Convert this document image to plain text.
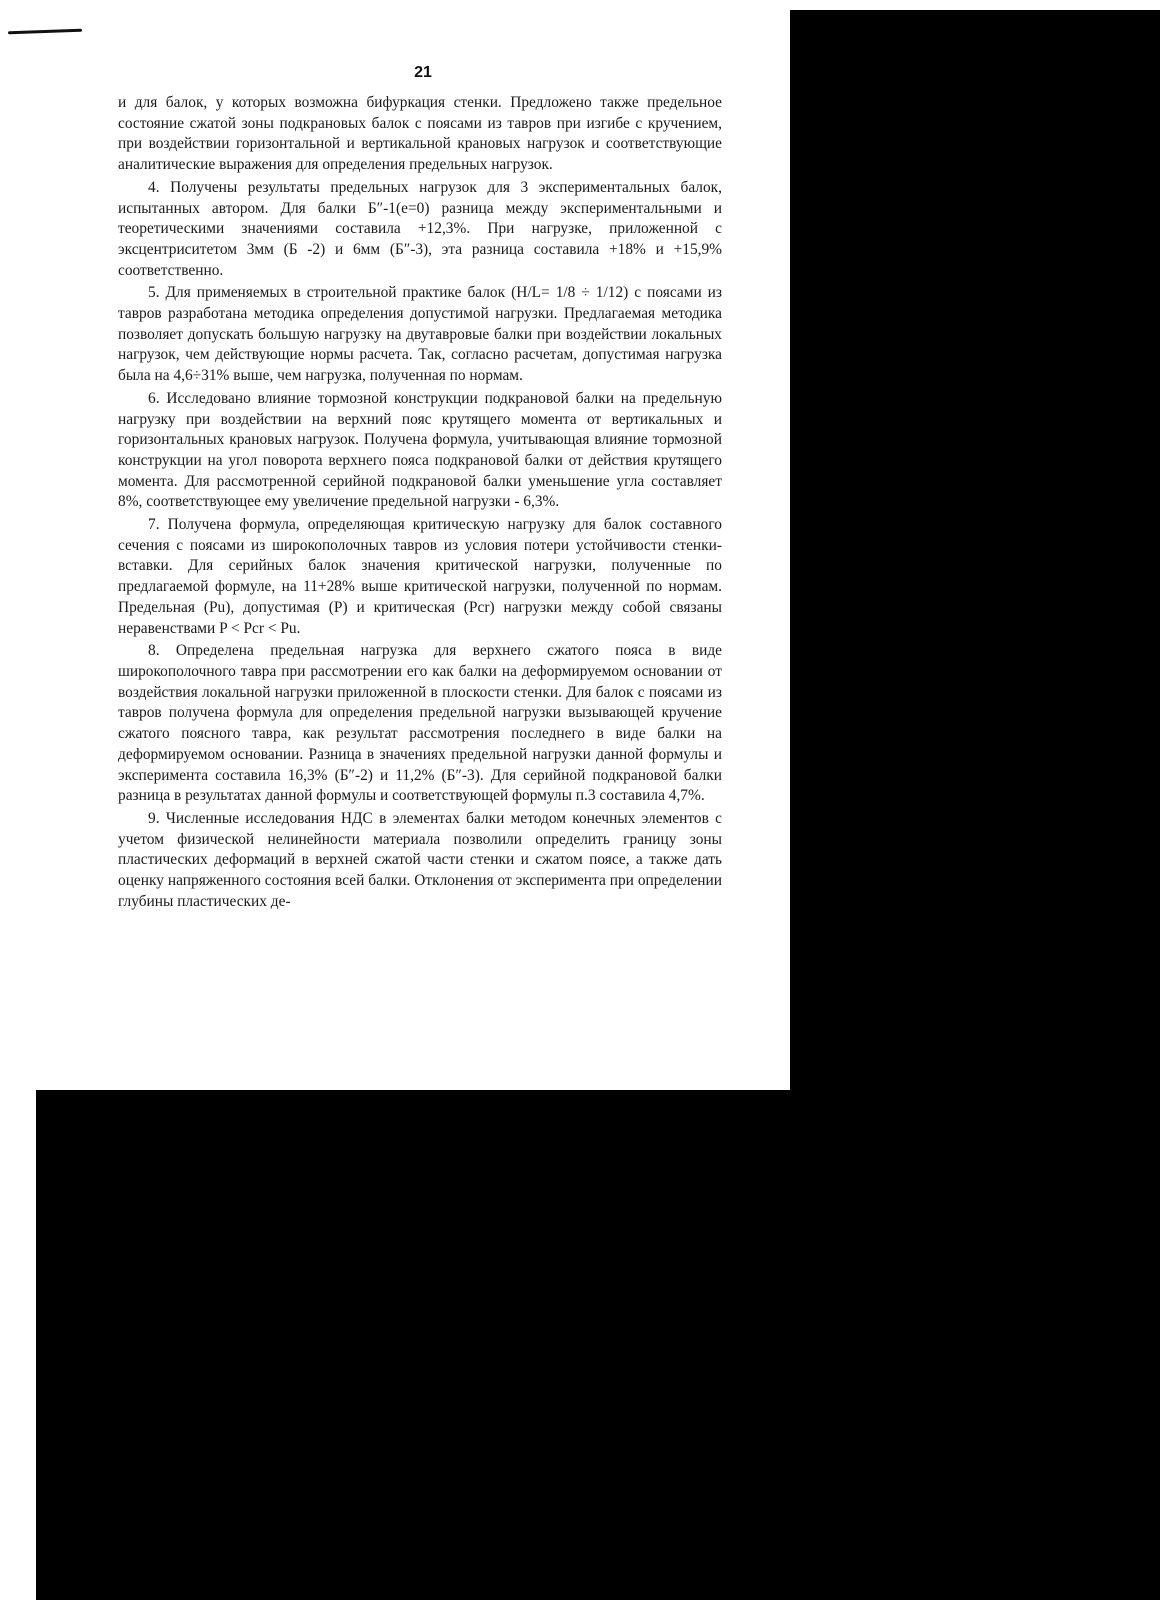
21

и для балок, у которых возможна бифуркация стенки. Предложено также предельное состояние сжатой зоны подкрановых балок с поясами из тавров при изгибе с кручением, при воздействии горизонтальной и вертикальной крановых нагрузок и соответствующие аналитические выражения для определения предельных нагрузок.

4. Получены результаты предельных нагрузок для 3 экспериментальных балок, испытанных автором. Для балки Б″-1(e=0) разница между экспериментальными и теоретическими значениями составила +12,3%. При нагрузке, приложенной с эксцентриситетом 3мм (Б -2) и 6мм (Б″-3), эта разница составила +18% и +15,9% соответственно.

5. Для применяемых в строительной практике балок (H/L= 1/8 ÷ 1/12) с поясами из тавров разработана методика определения допустимой нагрузки. Предлагаемая методика позволяет допускать большую нагрузку на двутавровые балки при воздействии локальных нагрузок, чем действующие нормы расчета. Так, согласно расчетам, допустимая нагрузка была на 4,6÷31% выше, чем нагрузка, полученная по нормам.

6. Исследовано влияние тормозной конструкции подкрановой балки на предельную нагрузку при воздействии на верхний пояс крутящего момента от вертикальных и горизонтальных крановых нагрузок. Получена формула, учитывающая влияние тормозной конструкции на угол поворота верхнего пояса подкрановой балки от действия крутящего момента. Для рассмотренной серийной подкрановой балки уменьшение угла составляет 8%, соответствующее ему увеличение предельной нагрузки - 6,3%.

7. Получена формула, определяющая критическую нагрузку для балок составного сечения с поясами из широкополочных тавров из условия потери устойчивости стенки-вставки. Для серийных балок значения критической нагрузки, полученные по предлагаемой формуле, на 11+28% выше критической нагрузки, полученной по нормам. Предельная (Pu), допустимая (P) и критическая (Pcr) нагрузки между собой связаны неравенствами P < Pcr < Pu.

8. Определена предельная нагрузка для верхнего сжатого пояса в виде широкополочного тавра при рассмотрении его как балки на деформируемом основании от воздействия локальной нагрузки приложенной в плоскости стенки. Для балок с поясами из тавров получена формула для определения предельной нагрузки вызывающей кручение сжатого поясного тавра, как результат рассмотрения последнего в виде балки на деформируемом основании. Разница в значениях предельной нагрузки данной формулы и эксперимента составила 16,3% (Б″-2) и 11,2% (Б″-3). Для серийной подкрановой балки разница в результатах данной формулы и соответствующей формулы п.3 составила 4,7%.

9. Численные исследования НДС в элементах балки методом конечных элементов с учетом физической нелинейности материала позволили определить границу зоны пластических деформаций в верхней сжатой части стенки и сжатом поясе, а также дать оценку напряженного состояния всей балки. Отклонения от эксперимента при определении глубины пластических де-
